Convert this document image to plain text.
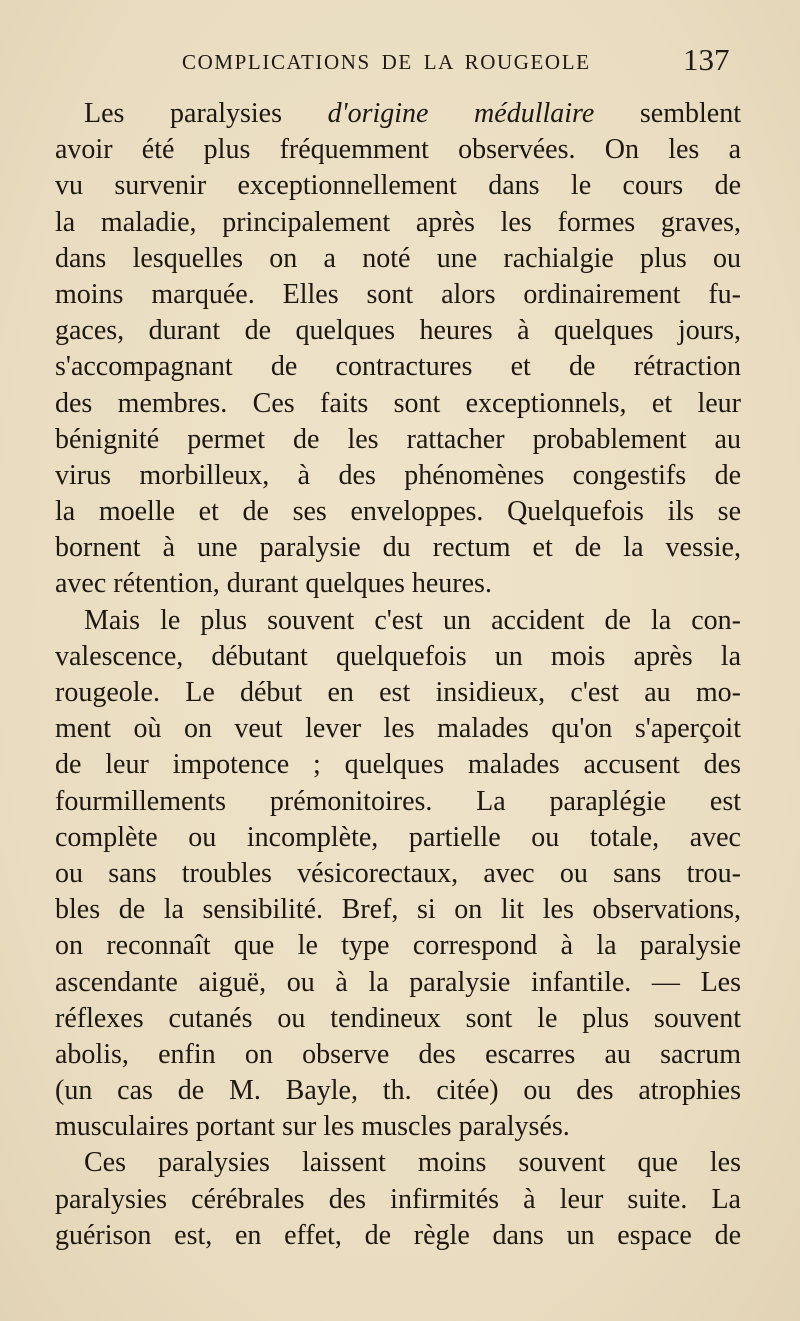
COMPLICATIONS DE LA ROUGEOLE	137
Les paralysies d'origine médullaire semblent
avoir été plus fréquemment observées. On les a
vu survenir exceptionnellement dans le cours de
la maladie, principalement après les formes graves,
dans lesquelles on a noté une rachialgie plus ou
moins marquée. Elles sont alors ordinairement fu-
gaces, durant de quelques heures à quelques jours,
s'accompagnant de contractures et de rétraction
des membres. Ces faits sont exceptionnels, et leur
bénignité permet de les rattacher probablement au
virus morbilleux, à des phénomènes congestifs de
la moelle et de ses enveloppes. Quelquefois ils se
bornent à une paralysie du rectum et de la vessie,
avec rétention, durant quelques heures.
Mais le plus souvent c'est un accident de la con-
valescence, débutant quelquefois un mois après la
rougeole. Le début en est insidieux, c'est au mo-
ment où on veut lever les malades qu'on s'aperçoit
de leur impotence ; quelques malades accusent des
fourmillements prémonitoires. La paraplégie est
complète ou incomplète, partielle ou totale, avec
ou sans troubles vésicorectaux, avec ou sans trou-
bles de la sensibilité. Bref, si on lit les observations,
on reconnaît que le type correspond à la paralysie
ascendante aiguë, ou à la paralysie infantile. — Les
réflexes cutanés ou tendineux sont le plus souvent
abolis, enfin on observe des escarres au sacrum
(un cas de M. Bayle, th. citée) ou des atrophies
musculaires portant sur les muscles paralysés.
Ces paralysies laissent moins souvent que les
paralysies cérébrales des infirmités à leur suite. La
guérison est, en effet, de règle dans un espace de
